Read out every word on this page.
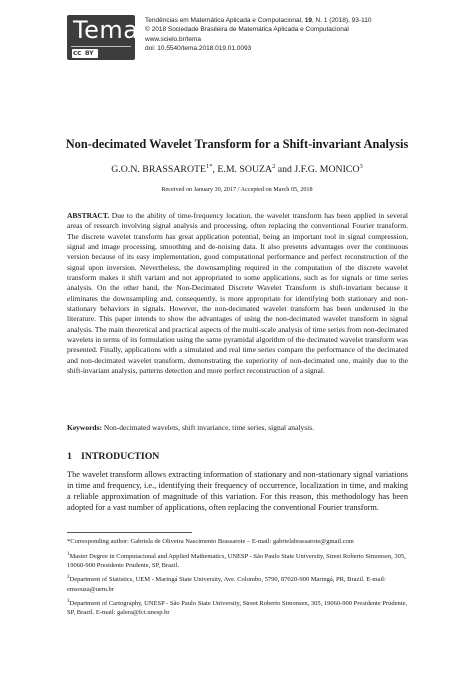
Tema
cc BY
Tendências em Matemática Aplicada e Computacional, 19, N. 1 (2018), 93-110
© 2018 Sociedade Brasileira de Matemática Aplicada e Computacional
www.scielo.br/tema
doi: 10.5540/tema.2018.019.01.0093
Non-decimated Wavelet Transform for a Shift-invariant Analysis
G.O.N. $BRASSAROTE^{1*}$, E.M. SOUZA$^2$ and J.F.G. MONICO$^3$
Received on January 30, 2017 / Accepted on March 05, 2018

ABSTRACT. Due to the ability of time-frequency location, the wavelet transform has been applied in several areas of research involving signal analysis and processing, often replacing the conventional Fourier transform. The discrete wavelet transform has great application potential, being an important tool in signal compression, signal and image processing, smoothing and de-noising data. It also presents advantages over the continuous version because of its easy implementation, good computational performance and perfect reconstruction of the signal upon inversion. Nevertheless, the downsampling required in the computation of the discrete wavelet transform makes it shift variant and not appropriated to some applications, such as for signals or time series analysis. On the other hand, the Non-Decimated Discrete Wavelet Transform is shift-invariant because it eliminates the downsampling and, consequently, is more appropriate for identifying both stationary and non-stationary behaviors in signals. However, the non-decimated wavelet transform has been underused in the literature. This paper intends to show the advantages of using the non-decimated wavelet transform in signal analysis. The main theoretical and practical aspects of the multi-scale analysis of time series from non-decimated wavelets in terms of its formulation using the same pyramidal algorithm of the decimated wavelet transform was presented. Finally, applications with a simulated and real time series compare the performance of the decimated and non-decimated wavelet transform, demonstrating the superiority of non-decimated one, mainly due to the shift-invariant analysis, patterns detection and more perfect reconstruction of a signal.

Keywords: Non-decimated wavelets, shift invariance, time series, signal analysis.

1 INTRODUCTION

The wavelet transform allows extracting information of stationary and non-stationary signal variations in time and frequency, i.e., identifying their frequency of occurrence, localization in time, and making a reliable approximation of magnitude of this variation. For this reason, this methodology has been adopted for a vast number of applications, often replacing the conventional Fourier transform.

*Corresponding author: Gabriela de Oliveira Nascimento Brassarote – E-mail: gabrielabrassarote@gmail.com
$^1$Master Degree in Computacional and Applied Mathematics, UNESP - São Paulo State University, Street Roberto Simonsen, 305, 19060-900 Presidente Prudente, SP, Brazil.
$^2$Department of Statistics, UEM - Maringá State University, Ave. Colombo, 5790, 87020-900 Maringá, PR, Brazil. E-mail: emsouza@uem.br
$^3$Department of Cartography, UNESP - São Paulo State University, Street Roberto Simonsen, 305, 19060-900 Presidente Prudente, SP, Brazil. E-mail: galera@fct.unesp.br
